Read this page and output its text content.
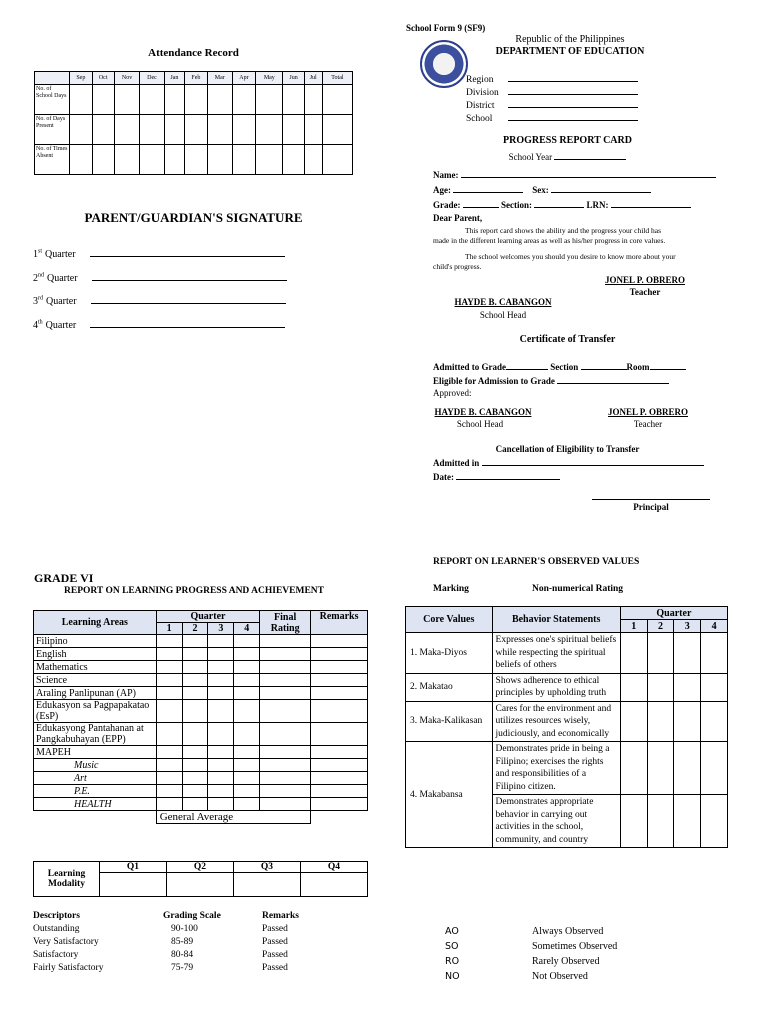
Attendance Record
	Sep	Oct	Nov	Dec	Jan	Feb	Mar	Apr	May	Jun	Jul	Total
No. of School Days												
No. of Days Present												
No. of Times Absent												
PARENT/GUARDIAN'S SIGNATURE
1st Quarter
2nd Quarter
3rd Quarter
4th Quarter
School Form 9 (SF9)
Republic of the Philippines
DEPARTMENT OF EDUCATION
Region
Division
District
School
PROGRESS REPORT CARD
School Year
Name:
Age:	Sex:
Grade:	Section:	LRN:
Dear Parent,
This report card shows the ability and the progress your child has
made in the different learning areas as well as his/her progress in core values.
The school welcomes you should you desire to know more about your
child's progress.
JONEL P. OBRERO
Teacher
HAYDE B. CABANGON
School Head
Certificate of Transfer
Admitted to Grade	Section	Room
Eligible for Admission to Grade
Approved:
HAYDE B. CABANGON
School Head
JONEL P. OBRERO
Teacher
Cancellation of Eligibility to Transfer
Admitted in
Date:
Principal
GRADE VI
REPORT ON LEARNING PROGRESS AND ACHIEVEMENT
Learning Areas	Quarter				Final Rating	Remarks
	1	2	3	4		
Filipino						
English						
Mathematics						
Science						
Araling Panlipunan (AP)						
Edukasyon sa Pagpapakatao (EsP)						
Edukasyong Pantahanan at Pangkabuhayan (EPP)						
MAPEH						
Music						
Art						
P.E.						
HEALTH						
	General Average					
Learning Modality	Q1	Q2	Q3	Q4

Descriptors	Grading Scale	Remarks
Outstanding	90-100	Passed
Very Satisfactory	85-89	Passed
Satisfactory	80-84	Passed
Fairly Satisfactory	75-79	Passed
REPORT ON LEARNER'S OBSERVED VALUES
Marking	Non-numerical Rating
Core Values	Behavior Statements	Quarter			
		1	2	3	4
1. Maka-Diyos	Expresses one's spiritual beliefs while respecting the spiritual beliefs of others				
2. Makatao	Shows adherence to ethical principles by upholding truth				
3. Maka-Kalikasan	Cares for the environment and utilizes resources wisely, judiciously, and economically				
4. Makabansa	Demonstrates pride in being a Filipino; exercises the rights and responsibilities of a Filipino citizen.				
	Demonstrates appropriate behavior in carrying out activities in the school, community, and country				
AO	Always Observed
SO	Sometimes Observed
RO	Rarely Observed
NO	Not Observed
